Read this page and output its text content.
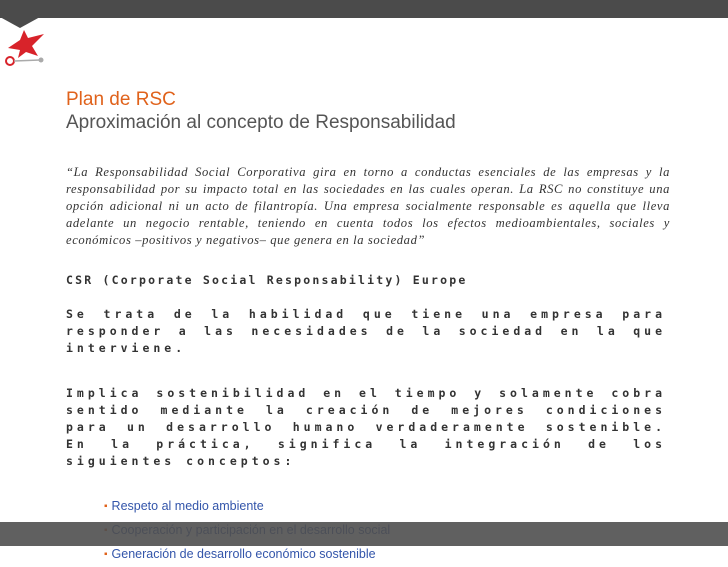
Plan de RSC
Aproximación al concepto de Responsabilidad

“La Responsabilidad Social Corporativa gira en torno a conductas esenciales de las empresas y la responsabilidad por su impacto total en las sociedades en las cuales operan. La RSC no constituye una opción adicional ni un acto de filantropía. Una empresa socialmente responsable es aquella que lleva adelante un negocio rentable, teniendo en cuenta todos los efectos medioambientales, sociales y económicos –positivos y negativos– que genera en la sociedad”

CSR (Corporate Social Responsability) Europe

Se trata de la habilidad que tiene una empresa para responder a las necesidades de la sociedad en la que interviene.

Implica sostenibilidad en el tiempo y solamente cobra sentido mediante la creación de mejores condiciones para un desarrollo humano verdaderamente sostenible. En la práctica, significa la integración de los siguientes conceptos:

▪ Respeto al medio ambiente
▪ Generación de desarrollo económico sostenible
